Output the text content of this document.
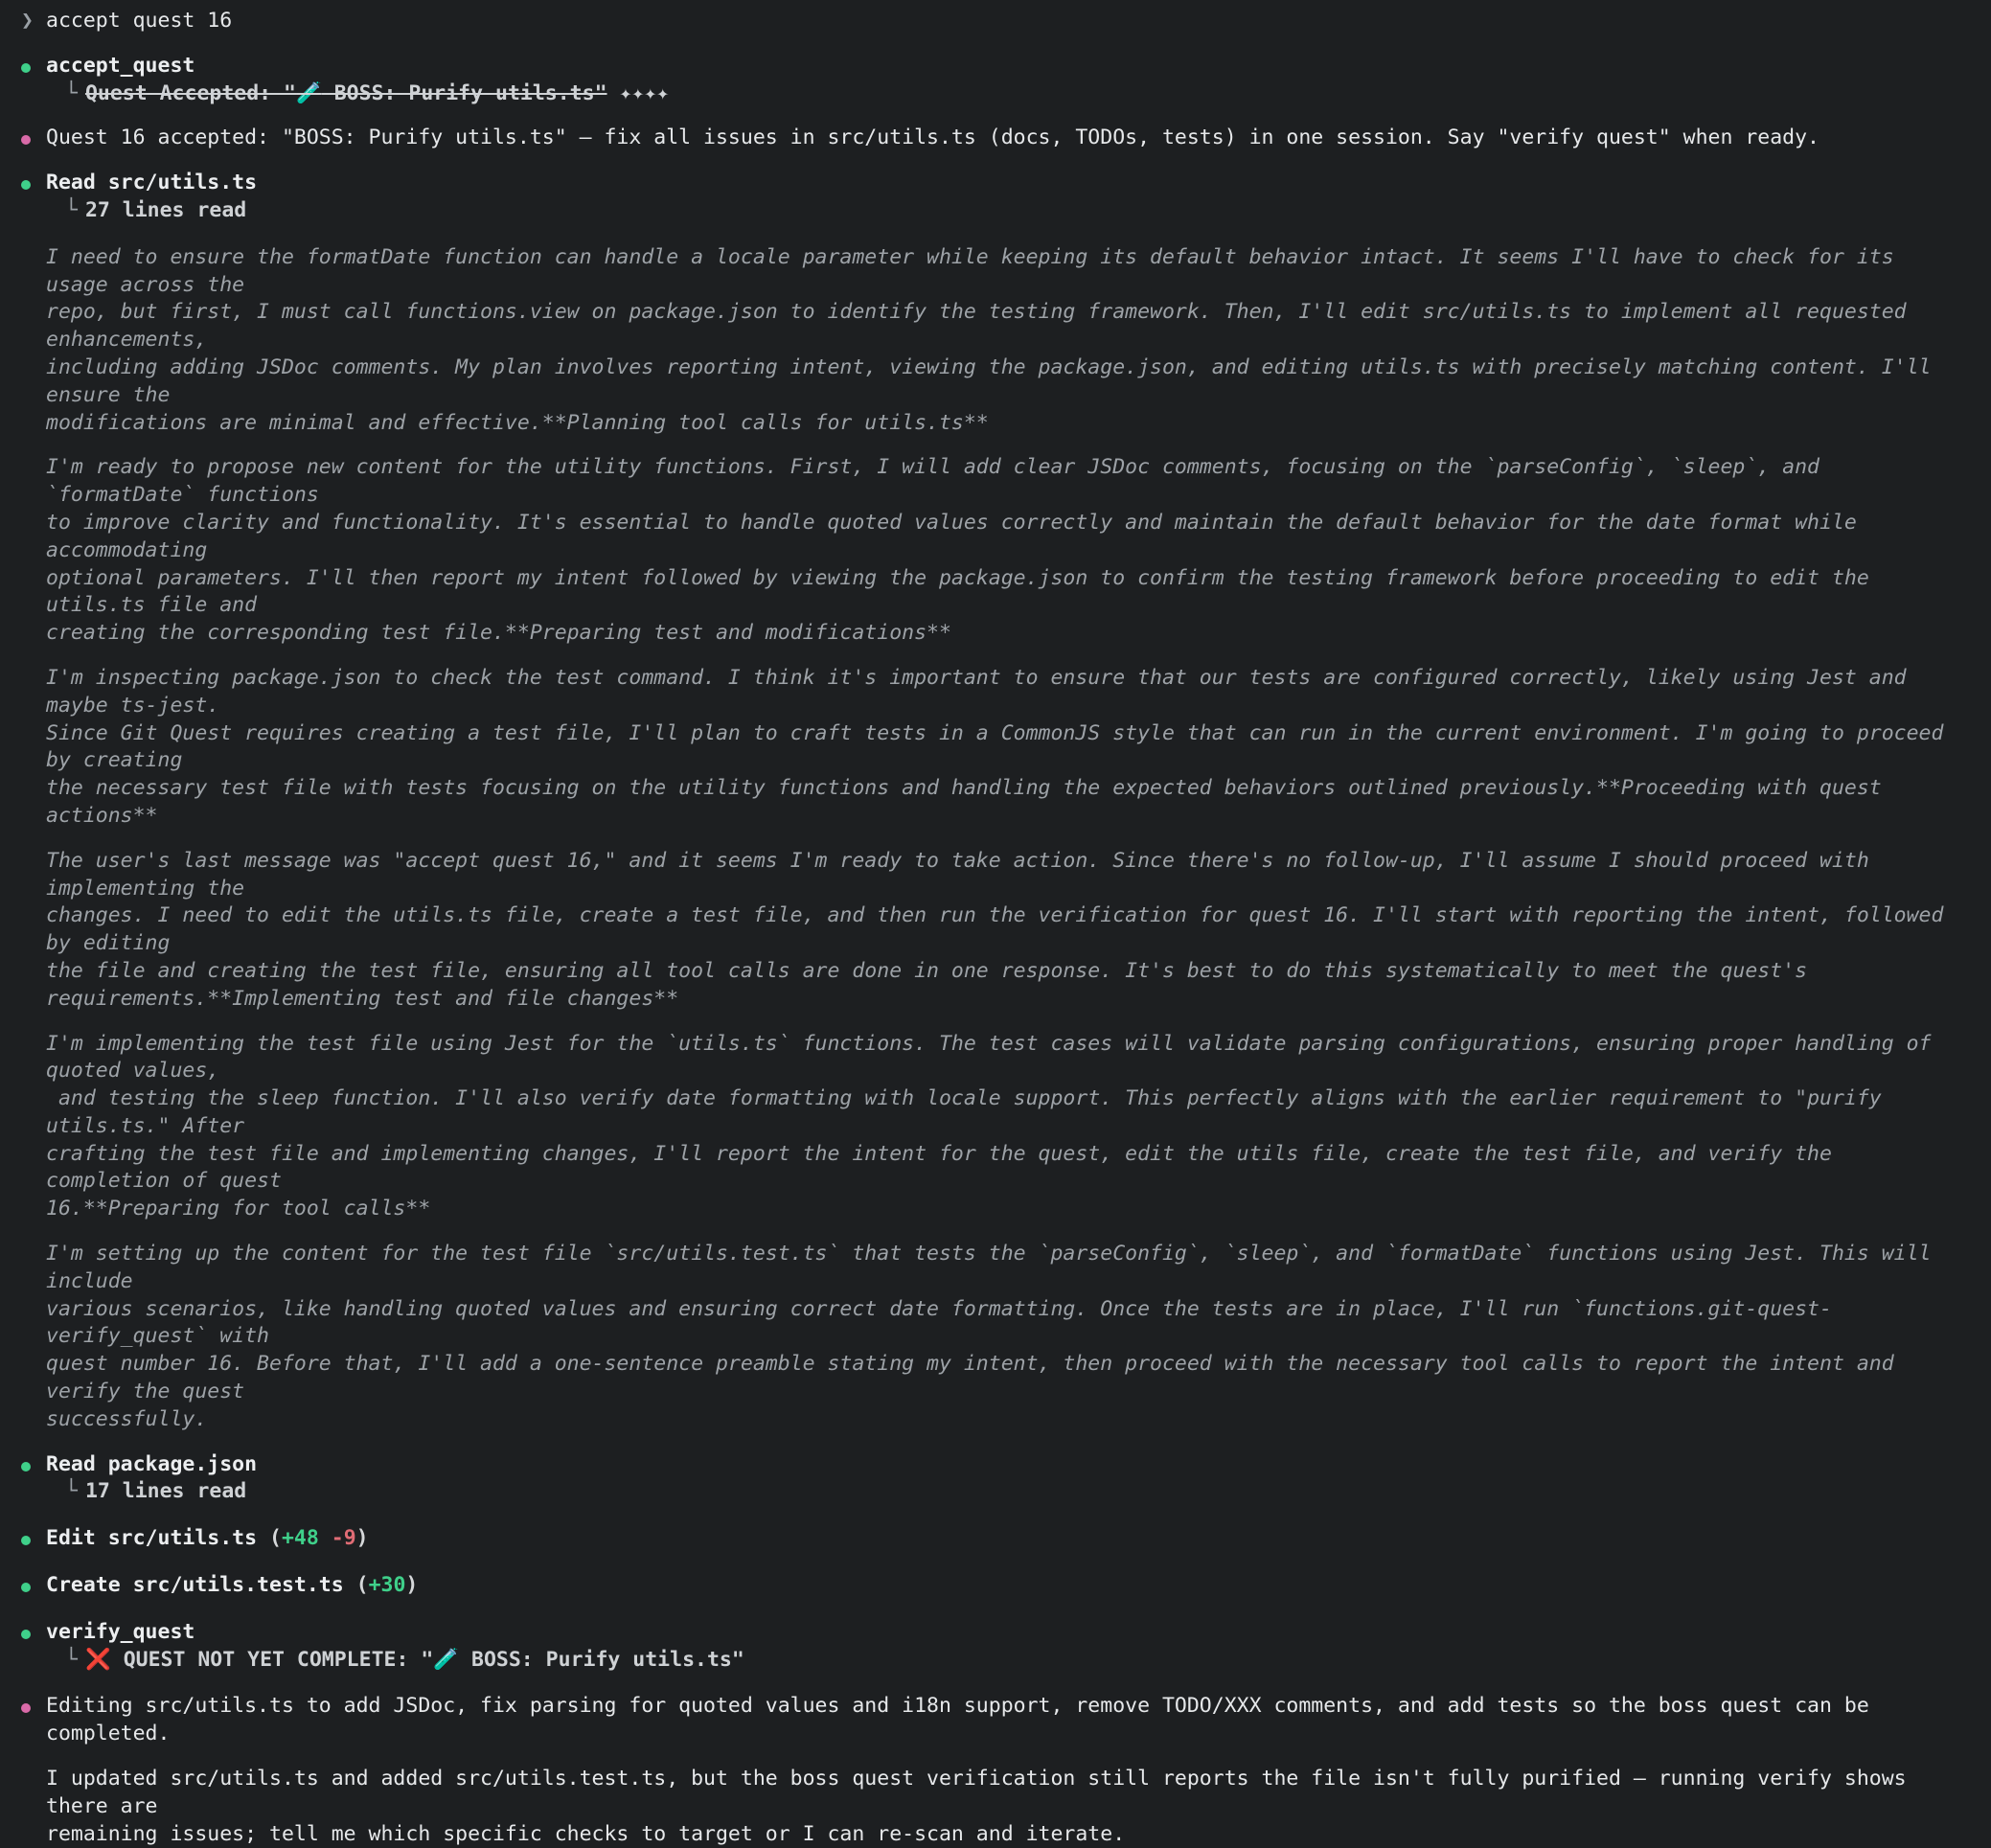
❯ accept quest 16
accept_quest
└ Quest Accepted: "🧪 BOSS: Purify utils.ts" ✦✦✦✦
Quest 16 accepted: "BOSS: Purify utils.ts" — fix all issues in src/utils.ts (docs, TODOs, tests) in one session. Say "verify quest" when ready.
Read src/utils.ts
└ 27 lines read
I need to ensure the formatDate function can handle a locale parameter while keeping its default behavior intact. It seems I'll have to check for its usage across the
repo, but first, I must call functions.view on package.json to identify the testing framework. Then, I'll edit src/utils.ts to implement all requested enhancements,
including adding JSDoc comments. My plan involves reporting intent, viewing the package.json, and editing utils.ts with precisely matching content. I'll ensure the
modifications are minimal and effective.**Planning tool calls for utils.ts**
I'm ready to propose new content for the utility functions. First, I will add clear JSDoc comments, focusing on the `parseConfig`, `sleep`, and `formatDate` functions
to improve clarity and functionality. It's essential to handle quoted values correctly and maintain the default behavior for the date format while accommodating
optional parameters. I'll then report my intent followed by viewing the package.json to confirm the testing framework before proceeding to edit the utils.ts file and
creating the corresponding test file.**Preparing test and modifications**
I'm inspecting package.json to check the test command. I think it's important to ensure that our tests are configured correctly, likely using Jest and maybe ts-jest.
Since Git Quest requires creating a test file, I'll plan to craft tests in a CommonJS style that can run in the current environment. I'm going to proceed by creating
the necessary test file with tests focusing on the utility functions and handling the expected behaviors outlined previously.**Proceeding with quest actions**
The user's last message was "accept quest 16," and it seems I'm ready to take action. Since there's no follow-up, I'll assume I should proceed with implementing the
changes. I need to edit the utils.ts file, create a test file, and then run the verification for quest 16. I'll start with reporting the intent, followed by editing
the file and creating the test file, ensuring all tool calls are done in one response. It's best to do this systematically to meet the quest's
requirements.**Implementing test and file changes**
I'm implementing the test file using Jest for the `utils.ts` functions. The test cases will validate parsing configurations, ensuring proper handling of quoted values,
and testing the sleep function. I'll also verify date formatting with locale support. This perfectly aligns with the earlier requirement to "purify utils.ts." After
crafting the test file and implementing changes, I'll report the intent for the quest, edit the utils file, create the test file, and verify the completion of quest
16.**Preparing for tool calls**
I'm setting up the content for the test file `src/utils.test.ts` that tests the `parseConfig`, `sleep`, and `formatDate` functions using Jest. This will include
various scenarios, like handling quoted values and ensuring correct date formatting. Once the tests are in place, I'll run `functions.git-quest-verify_quest` with
quest number 16. Before that, I'll add a one-sentence preamble stating my intent, then proceed with the necessary tool calls to report the intent and verify the quest
successfully.
Read package.json
└ 17 lines read
Edit src/utils.ts (+48 -9)
Create src/utils.test.ts (+30)
verify_quest
└ ❌ QUEST NOT YET COMPLETE: "🧪 BOSS: Purify utils.ts"
Editing src/utils.ts to add JSDoc, fix parsing for quoted values and i18n support, remove TODO/XXX comments, and add tests so the boss quest can be completed.
I updated src/utils.ts and added src/utils.test.ts, but the boss quest verification still reports the file isn't fully purified — running verify shows there are
remaining issues; tell me which specific checks to target or I can re-scan and iterate.
